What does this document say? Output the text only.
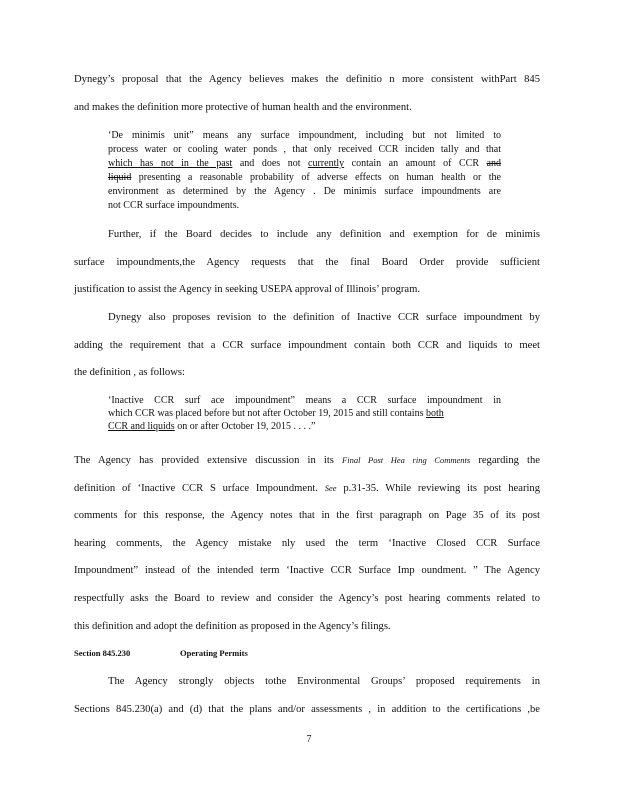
Dynegy’s proposal that the Agency believes makes the definitio n more consistent withPart 845
and makes the definition more protective of human health and the environment.
‘De minimis unit” means any surface impoundment, including but not limited to
process water or cooling water ponds , that only received CCR inciden tally and that
which has not in the past and does not currently contain an amount of CCR and
liquid presenting a reasonable probability of adverse effects on human health or the
environment as determined by the Agency . De minimis surface impoundments are
not CCR surface impoundments.
Further, if the Board decides to include any definition and exemption for de minimis
surface impoundments,the Agency requests that the final Board Order provide sufficient
justification to assist the Agency in seeking USEPA approval of Illinois’ program.
Dynegy also proposes revision to the definition of Inactive CCR surface impoundment by
adding the requirement that a CCR surface impoundment contain both CCR and liquids to meet
the definition , as follows:
‘Inactive CCR surf ace impoundment” means a CCR surface impoundment in
which CCR was placed before but not after October 19, 2015 and still contains both
CCR and liquids on or after October 19, 2015 . . . .”
The Agency has provided extensive discussion in its Final Post Hea ring Comments regarding the
definition of ‘Inactive CCR S urface Impoundment. See p.31-35. While reviewing its post hearing
comments for this response, the Agency notes that in the first paragraph on Page 35 of its post
hearing comments, the Agency mistake nly used the term ‘Inactive Closed CCR Surface
Impoundment” instead of the intended term ‘Inactive CCR Surface Imp oundment. ” The Agency
respectfully asks the Board to review and consider the Agency’s post hearing comments related to
this definition and adopt the definition as proposed in the Agency’s filings.
Section 845.230	Operating Permits
The Agency strongly objects tothe Environmental Groups’ proposed requirements in
Sections 845.230(a) and (d) that the plans and/or assessments , in addition to the certifications ,be
7
